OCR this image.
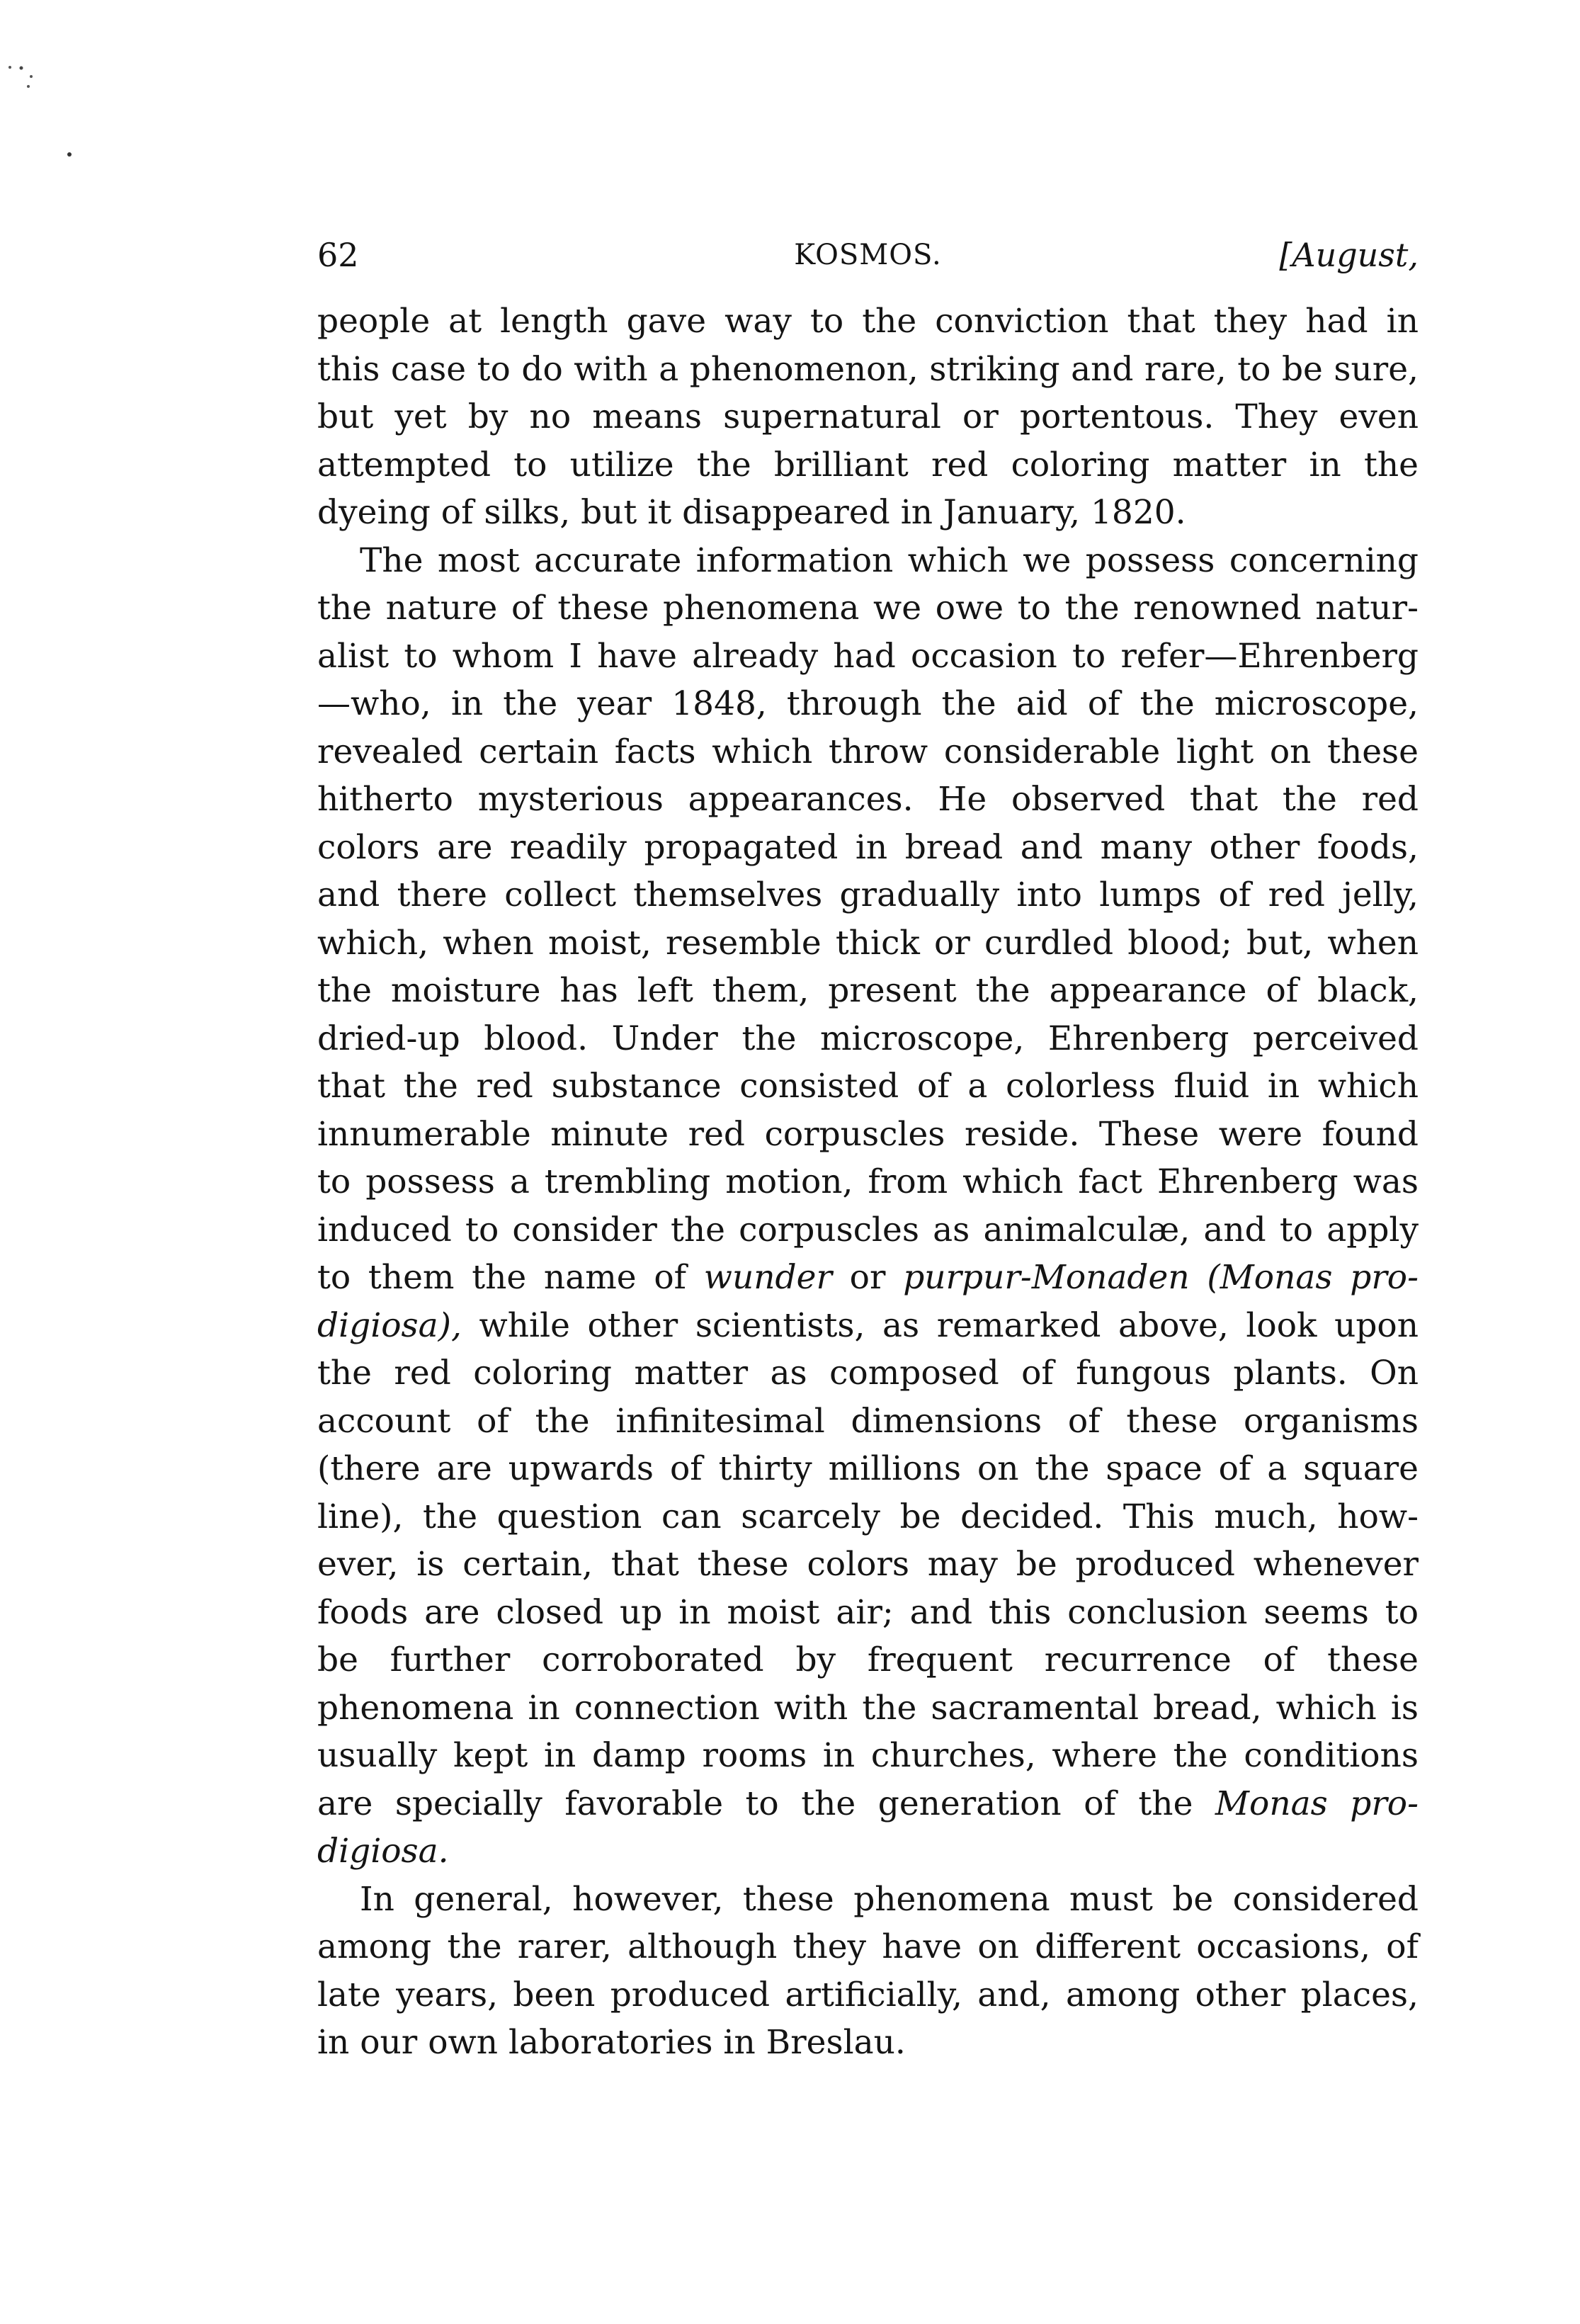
62	KOSMOS.	[August,
people at length gave way to the conviction that they had in
this case to do with a phenomenon, striking and rare, to be sure,
but yet by no means supernatural or portentous. They even
attempted to utilize the brilliant red coloring matter in the
dyeing of silks, but it disappeared in January, 1820.
The most accurate information which we possess concerning
the nature of these phenomena we owe to the renowned natur-
alist to whom I have already had occasion to refer—Ehrenberg
—who, in the year 1848, through the aid of the microscope,
revealed certain facts which throw considerable light on these
hitherto mysterious appearances. He observed that the red
colors are readily propagated in bread and many other foods,
and there collect themselves gradually into lumps of red jelly,
which, when moist, resemble thick or curdled blood; but, when
the moisture has left them, present the appearance of black,
dried-up blood. Under the microscope, Ehrenberg perceived
that the red substance consisted of a colorless fluid in which
innumerable minute red corpuscles reside. These were found
to possess a trembling motion, from which fact Ehrenberg was
induced to consider the corpuscles as animalculæ, and to apply
to them the name of wunder or purpur-Monaden (Monas pro-
digiosa), while other scientists, as remarked above, look upon
the red coloring matter as composed of fungous plants. On
account of the infinitesimal dimensions of these organisms
(there are upwards of thirty millions on the space of a square
line), the question can scarcely be decided. This much, how-
ever, is certain, that these colors may be produced whenever
foods are closed up in moist air; and this conclusion seems to
be further corroborated by frequent recurrence of these
phenomena in connection with the sacramental bread, which is
usually kept in damp rooms in churches, where the conditions
are specially favorable to the generation of the Monas pro-
digiosa.
In general, however, these phenomena must be considered
among the rarer, although they have on different occasions, of
late years, been produced artificially, and, among other places,
in our own laboratories in Breslau.
